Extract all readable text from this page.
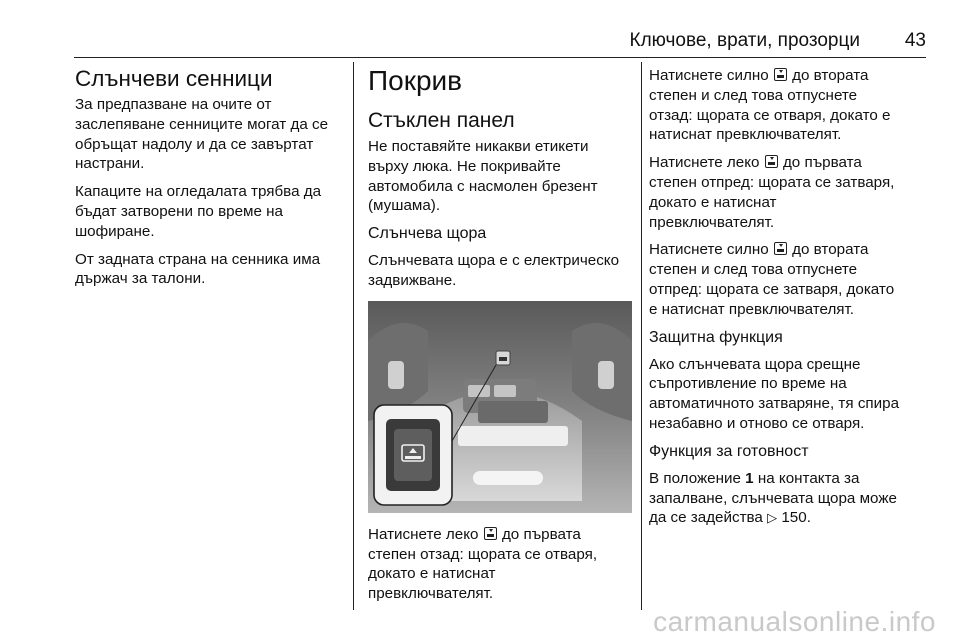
Ключове, врати, прозорци 43
Слънчеви сенници

За предпазване на очите от
заслепяване сенниците могат да се
обръщат надолу и да се завъртат
настрани.

Капаците на огледалата трябва да
бъдат затворени по време на
шофиране.

От задната страна на сенника има
държач за талони.

Покрив
Стъклен панел

Не поставяйте никакви етикети
върху люка. Не покривайте
автомобила с насмолен брезент
(мушама).

Слънчева щора

Слънчевата щора е с електрическо
задвижване.

Натиснете леко до първата
степен отзад: щората се отваря,
докато е натиснат
превключвателят.

Натиснете силно до втората
степен и след това отпуснете
отзад: щората се отваря, докато е
натиснат превключвателят.

Натиснете леко до първата
степен отпред: щората се затваря,
докато е натиснат
превключвателят.

Натиснете силно до втората
степен и след това отпуснете
отпред: щората се затваря, докато
е натиснат превключвателят.

Защитна функция

Ако слънчевата щора срещне
съпротивление по време на
автоматичното затваряне, тя спира
незабавно и отново се отваря.

Функция за готовност

В положение 1 на контакта за
запалване, слънчевата щора може
да се задейства ▷ 150.

carmanualsonline.info
